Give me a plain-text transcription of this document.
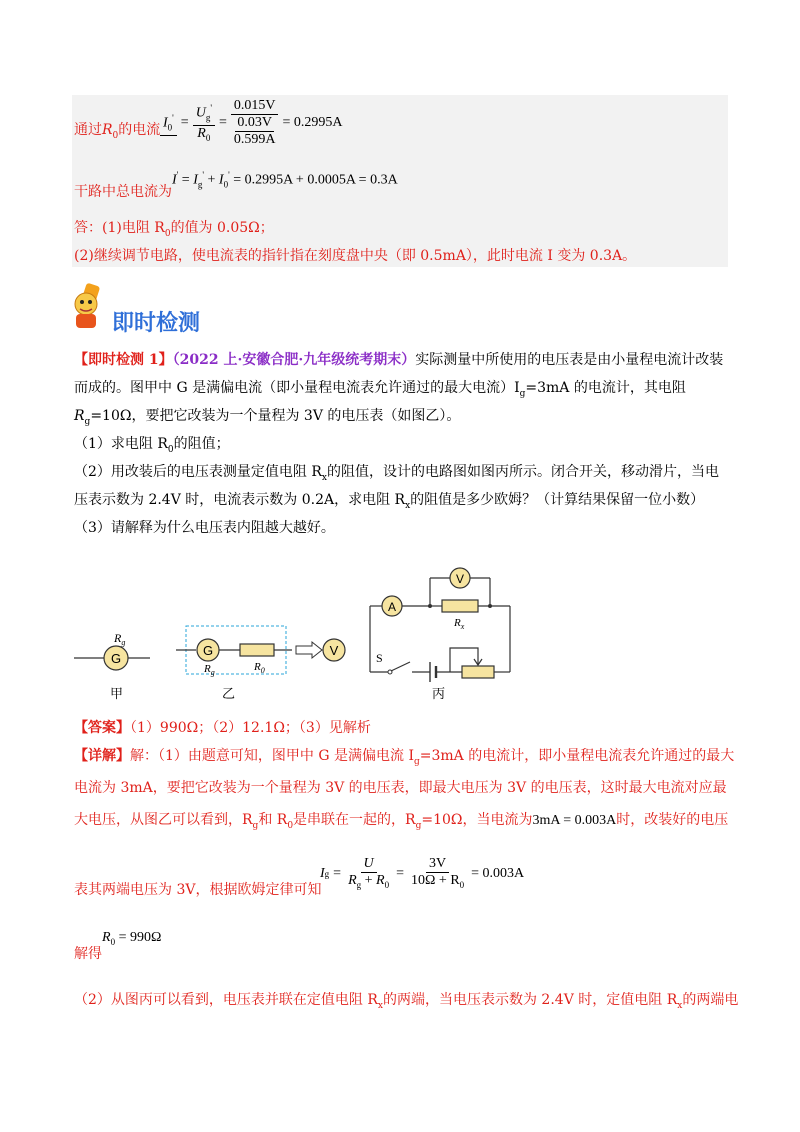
通过$R_0$的电流 $I_0' = \frac{U_g'}{R_0} = 0.015V$
0.03V
0.599A = 0.2995A
干路中总电流为
$I' = I_g' + I_0' = 0.2995A + 0.0005A = 0.3A$
答：(1)电阻 $R_0$的值为 0.05Ω；
(2)继续调节电路，使电流表的指针指在刻度盘中央（即 0.5mA），此时电流 I 变为 0.3A。
即时检测
【即时检测 1】（2022 上·安徽合肥·九年级统考期末）实际测量中所使用的电压表是由小量程电流计改装
而成的。图甲中 G 是满偏电流（即小量程电流表允许通过的最大电流）$I_g=3mA$ 的电流计，其电阻
$R_g=10\Omega$，要把它改装为一个量程为 3V 的电压表（如图乙）。
（1）求电阻 $R_0$的阻值；
（2）用改装后的电压表测量定值电阻 $R_x$的阻值，设计的电路图如图丙所示。闭合开关，移动滑片，当电
压表示数为 2.4V 时，电流表示数为 0.2A，求电阻 $R_x$的阻值是多少欧姆？（计算结果保留一位小数）
（3）请解释为什么电压表内阻越大越好。
G
$R_g$
甲
G
$R_g$	$R_0$
乙
V
A
V
$R_x$
S
丙
【答案】（1）990Ω；（2）12.1Ω；（3）见解析
【详解】解：（1）由题意可知，图甲中 G 是满偏电流 $I_g=3mA$ 的电流计，即小量程电流表允许通过的最大
电流为 3mA，要把它改装为一个量程为 3V 的电压表，即最大电压为 3V 的电压表，这时最大电流对应最
大电压，从图乙可以看到，$R_g$和 $R_0$是串联在一起的，$R_g=10\Omega$，当电流为3mA = 0.003A时，改装好的电压
表其两端电压为 3V，根据欧姆定律可知
I $g = \frac{U}{R_g + R_0} = \frac{3V}{10\Omega + R_0} = 0.003A$
解得
$R_0 = 990\Omega$
（2）从图丙可以看到，电压表并联在定值电阻 $R_x$的两端，当电压表示数为 2.4V 时，定值电阻 $R_x$的两端电
